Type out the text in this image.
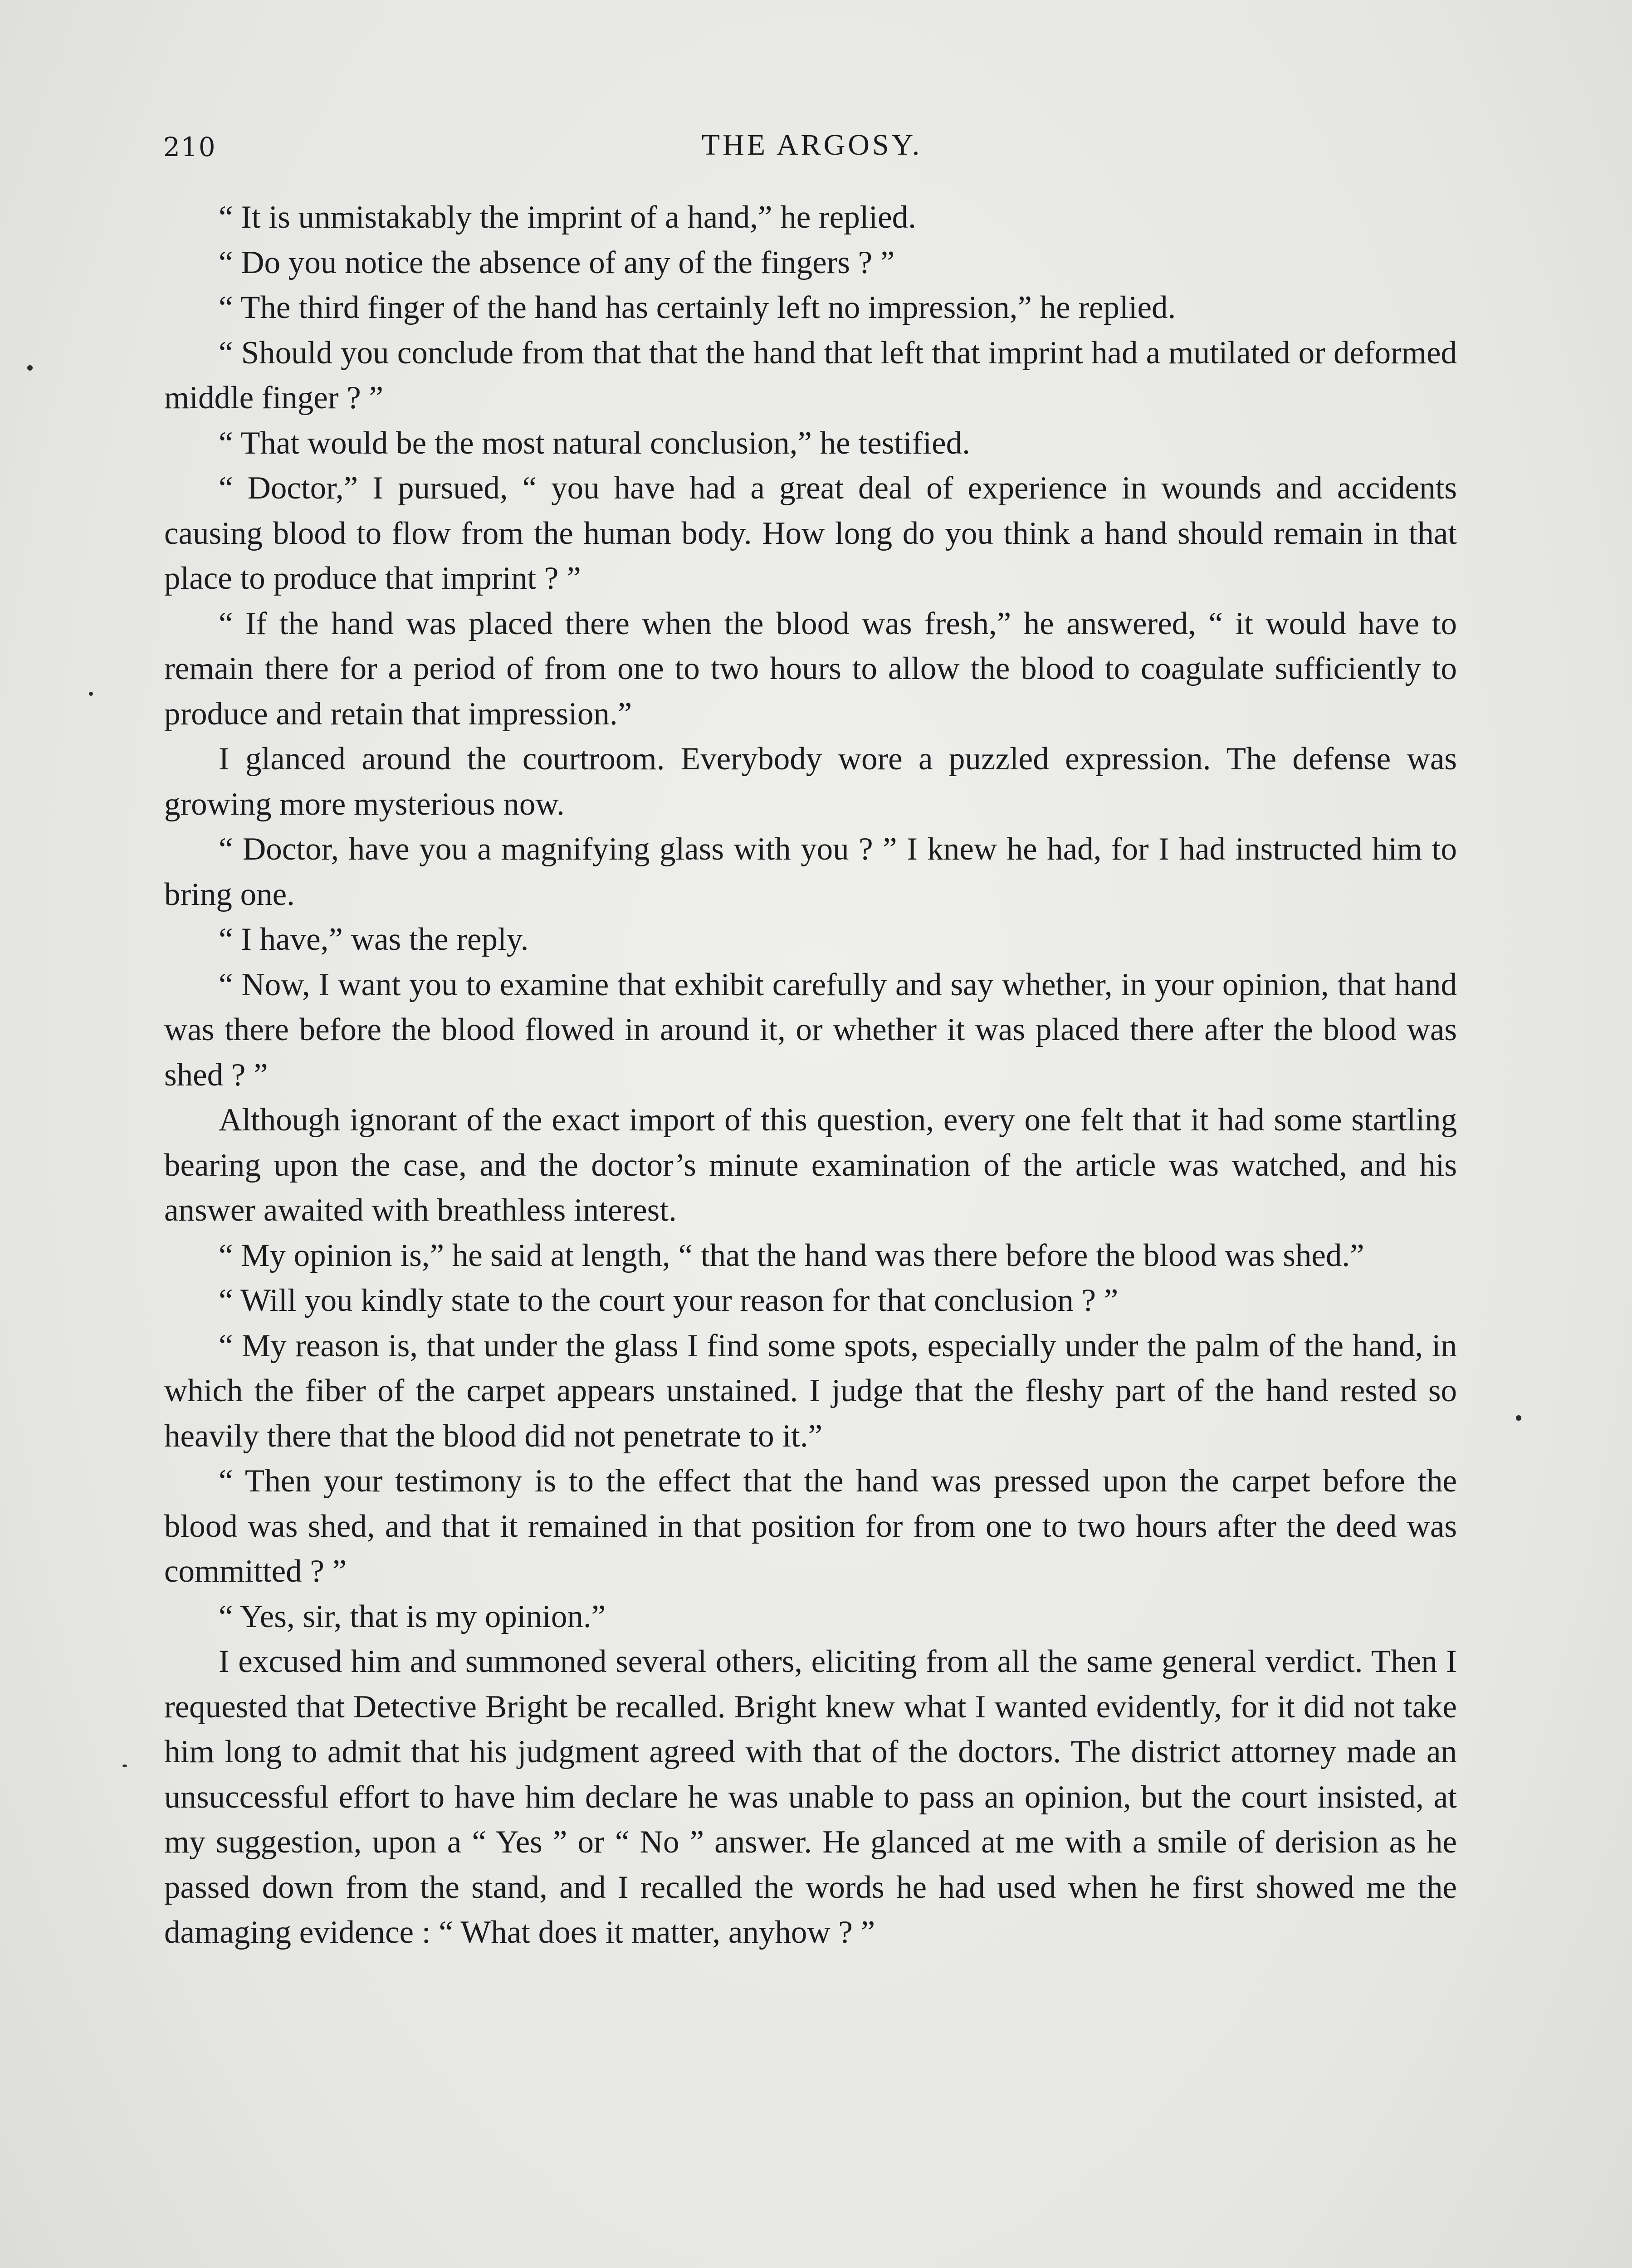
210	THE ARGOSY.

“ It is unmistakably the imprint of a hand,” he replied.

“ Do you notice the absence of any of the fingers ? ”

“ The third finger of the hand has certainly left no impression,” he replied.

“ Should you conclude from that that the hand that left that imprint had a mutilated or deformed middle finger ? ”

“ That would be the most natural conclusion,” he testified.

“ Doctor,” I pursued, “ you have had a great deal of experience in wounds and accidents causing blood to flow from the human body. How long do you think a hand should remain in that place to produce that imprint ? ”

“ If the hand was placed there when the blood was fresh,” he answered, “ it would have to remain there for a period of from one to two hours to allow the blood to coagulate sufficiently to produce and retain that impression.”

I glanced around the courtroom. Everybody wore a puzzled expression. The defense was growing more mysterious now.

“ Doctor, have you a magnifying glass with you ? ” I knew he had, for I had instructed him to bring one.

“ I have,” was the reply.

“ Now, I want you to examine that exhibit carefully and say whether, in your opinion, that hand was there before the blood flowed in around it, or whether it was placed there after the blood was shed ? ”

Although ignorant of the exact import of this question, every one felt that it had some startling bearing upon the case, and the doctor’s minute examination of the article was watched, and his answer awaited with breathless interest.

“ My opinion is,” he said at length, “ that the hand was there before the blood was shed.”

“ Will you kindly state to the court your reason for that conclusion ? ”

“ My reason is, that under the glass I find some spots, especially under the palm of the hand, in which the fiber of the carpet appears unstained. I judge that the fleshy part of the hand rested so heavily there that the blood did not penetrate to it.”

“ Then your testimony is to the effect that the hand was pressed upon the carpet before the blood was shed, and that it remained in that position for from one to two hours after the deed was committed ? ”

“ Yes, sir, that is my opinion.”

I excused him and summoned several others, eliciting from all the same general verdict. Then I requested that Detective Bright be recalled. Bright knew what I wanted evidently, for it did not take him long to admit that his judgment agreed with that of the doctors. The district attorney made an unsuccessful effort to have him declare he was unable to pass an opinion, but the court insisted, at my suggestion, upon a “ Yes ” or “ No ” answer. He glanced at me with a smile of derision as he passed down from the stand, and I recalled the words he had used when he first showed me the damaging evidence : “ What does it matter, anyhow ? ”
